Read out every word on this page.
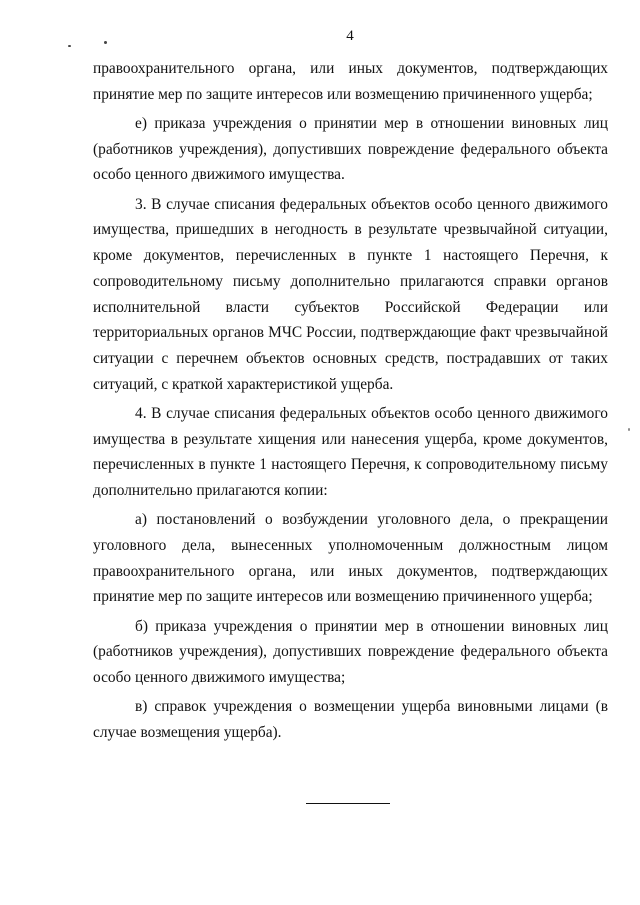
4

правоохранительного органа, или иных документов, подтверждающих принятие мер по защите интересов или возмещению причиненного ущерба;

е) приказа учреждения о принятии мер в отношении виновных лиц (работников учреждения), допустивших повреждение федерального объекта особо ценного движимого имущества.

3. В случае списания федеральных объектов особо ценного движимого имущества, пришедших в негодность в результате чрезвычайной ситуации, кроме документов, перечисленных в пункте 1 настоящего Перечня, к сопроводительному письму дополнительно прилагаются справки органов исполнительной власти субъектов Российской Федерации или территориальных органов МЧС России, подтверждающие факт чрезвычайной ситуации с перечнем объектов основных средств, пострадавших от таких ситуаций, с краткой характеристикой ущерба.

4. В случае списания федеральных объектов особо ценного движимого имущества в результате хищения или нанесения ущерба, кроме документов, перечисленных в пункте 1 настоящего Перечня, к сопроводительному письму дополнительно прилагаются копии:

а) постановлений о возбуждении уголовного дела, о прекращении уголовного дела, вынесенных уполномоченным должностным лицом правоохранительного органа, или иных документов, подтверждающих принятие мер по защите интересов или возмещению причиненного ущерба;

б) приказа учреждения о принятии мер в отношении виновных лиц (работников учреждения), допустивших повреждение федерального объекта особо ценного движимого имущества;

в) справок учреждения о возмещении ущерба виновными лицами (в случае возмещения ущерба).
